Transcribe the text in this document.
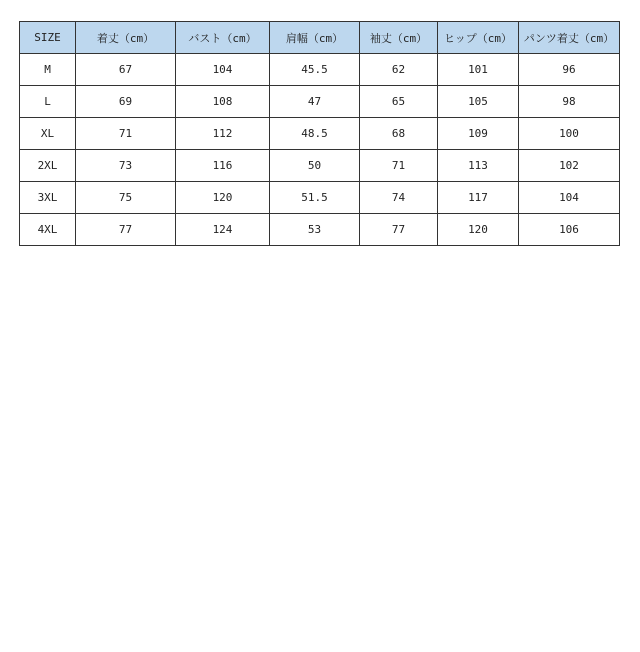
SIZE	着丈（cm）	バスト（cm）	肩幅（cm）	袖丈（cm）	ヒップ（cm）	パンツ着丈（cm）
M	67	104	45.5	62	101	96
L	69	108	47	65	105	98
XL	71	112	48.5	68	109	100
2XL	73	116	50	71	113	102
3XL	75	120	51.5	74	117	104
4XL	77	124	53	77	120	106
